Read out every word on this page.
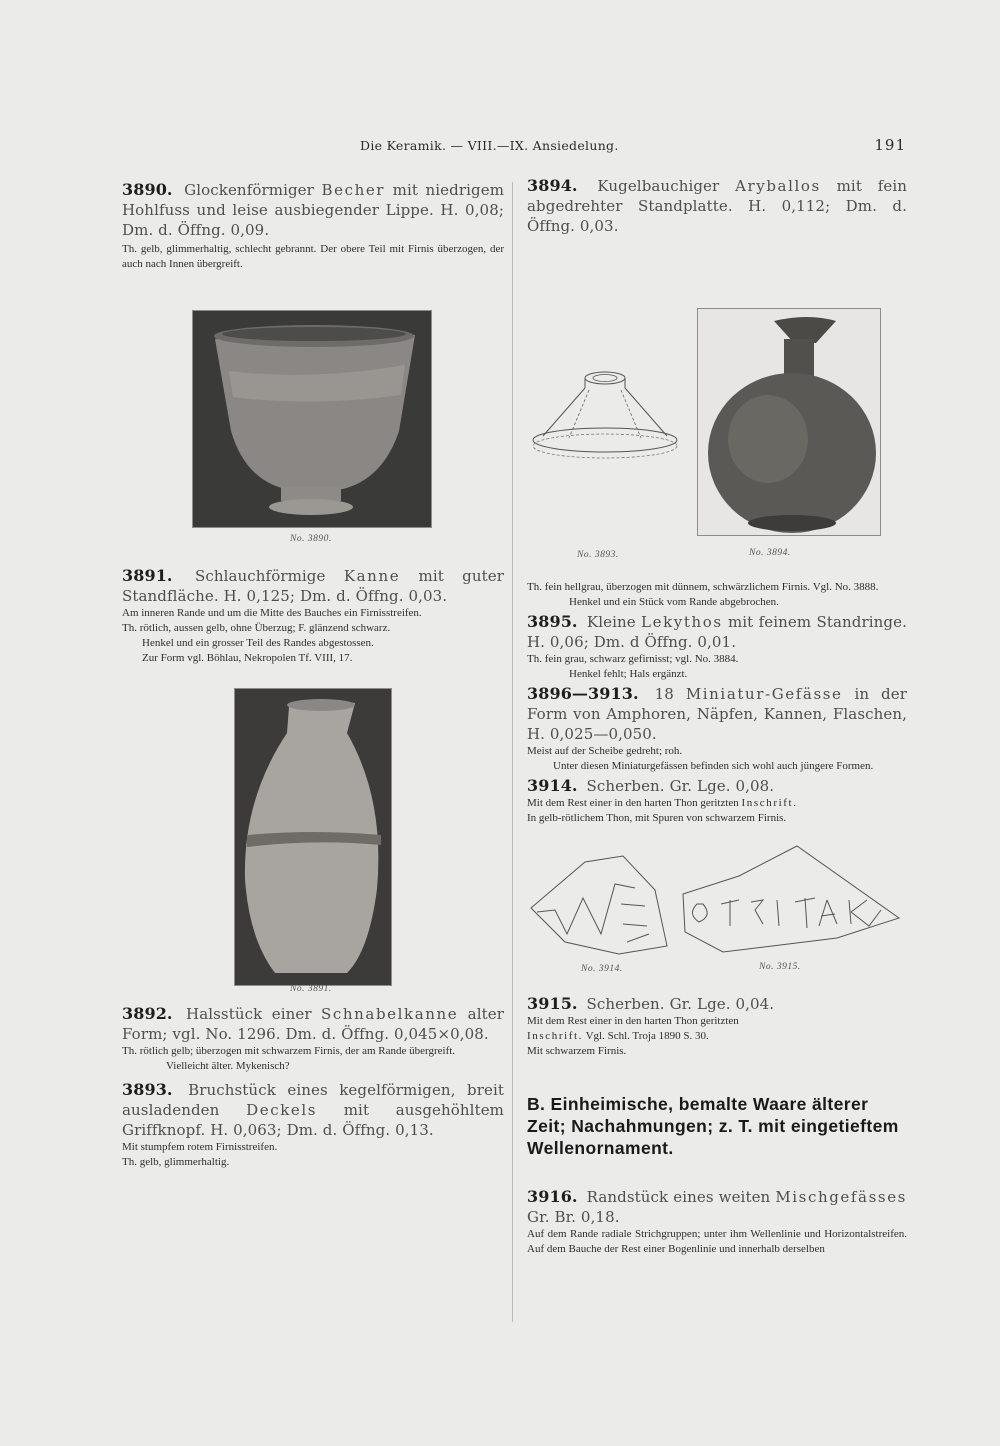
Die Keramik. — VIII.—IX. Ansiedelung.	191
3890. Glockenförmiger Becher mit niedrigem Hohlfuss und leise ausbiegender Lippe. H. 0,08; Dm. d. Öffng. 0,09.
Th. gelb, glimmerhaltig, schlecht gebrannt. Der obere Teil mit Firnis überzogen, der auch nach Innen übergreift.
No. 3890.
3891. Schlauchförmige Kanne mit guter Standfläche. H. 0,125; Dm. d. Öffng. 0,03.
Am inneren Rande und um die Mitte des Bauches ein Firnisstreifen.
Th. rötlich, aussen gelb, ohne Überzug; F. glänzend schwarz.
Henkel und ein grosser Teil des Randes abgestossen.
Zur Form vgl. Böhlau, Nekropolen Tf. VIII, 17.
No. 3891.
3892. Halsstück einer Schnabelkanne alter Form; vgl. No. 1296. Dm. d. Öffng. 0,045×0,08.
Th. rötlich gelb; überzogen mit schwarzem Firnis, der am Rande übergreift.
Vielleicht älter. Mykenisch?
3893. Bruchstück eines kegelförmigen, breit ausladenden Deckels mit ausgehöhltem Griffknopf. H. 0,063; Dm. d. Öffng. 0,13.
Mit stumpfem rotem Firnisstreifen.
Th. gelb, glimmerhaltig.
3894. Kugelbauchiger Aryballos mit fein abgedrehter Standplatte. H. 0,112; Dm. d. Öffng. 0,03.
No. 3893.	No. 3894.
Th. fein hellgrau, überzogen mit dünnem, schwärzlichem Firnis. Vgl. No. 3888.
Henkel und ein Stück vom Rande abgebrochen.
3895. Kleine Lekythos mit feinem Standringe. H. 0,06; Dm. d Öffng. 0,01.
Th. fein grau, schwarz gefirnisst; vgl. No. 3884.
Henkel fehlt; Hals ergänzt.
3896—3913. 18 Miniatur-Gefässe in der Form von Amphoren, Näpfen, Kannen, Flaschen, H. 0,025—0,050.
Meist auf der Scheibe gedreht; roh.
Unter diesen Miniaturgefässen befinden sich wohl auch jüngere Formen.
3914. Scherben. Gr. Lge. 0,08.
Mit dem Rest einer in den harten Thon geritzten Inschrift.
In gelb-rötlichem Thon, mit Spuren von schwarzem Firnis.
No. 3914.	No. 3915.
3915. Scherben. Gr. Lge. 0,04.
Mit dem Rest einer in den harten Thon geritzten
Inschrift. Vgl. Schl. Troja 1890 S. 30.
Mit schwarzem Firnis.
B. Einheimische, bemalte Waare älterer Zeit; Nachahmungen; z. T. mit eingetieftem Wellenornament.
3916. Randstück eines weiten Mischgefässes Gr. Br. 0,18.
Auf dem Rande radiale Strichgruppen; unter ihm Wellenlinie und Horizontalstreifen. Auf dem Bauche der Rest einer Bogenlinie und innerhalb derselben
